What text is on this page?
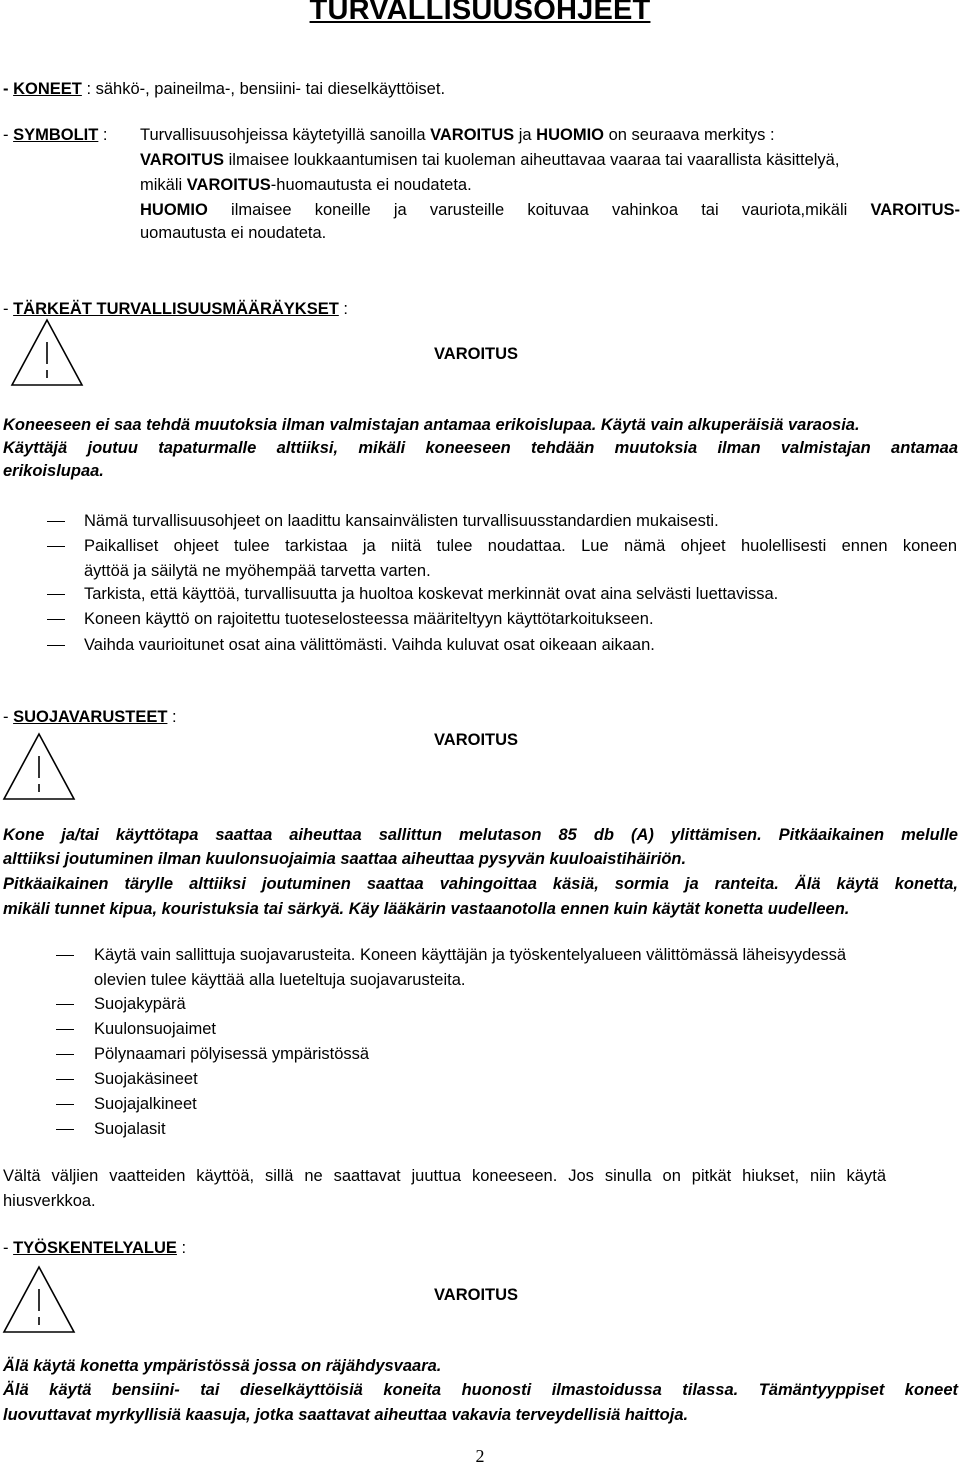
TURVALLISUUSOHJEET
- KONEET : sähkö-, paineilma-, bensiini- tai dieselkäyttöiset.
- SYMBOLIT : Turvallisuusohjeissa käytetyillä sanoilla VAROITUS ja HUOMIO on seuraava merkitys :
VAROITUS ilmaisee loukkaantumisen tai kuoleman aiheuttavaa vaaraa tai vaarallista käsittelyä,
mikäli VAROITUS-huomautusta ei noudateta.
HUOMIO ilmaisee koneille ja varusteille koituvaa vahinkoa tai vauriota,mikäli VAROITUS-
uomautusta ei noudateta.
- TÄRKEÄT TURVALLISUUSMÄÄRÄYKSET :
VAROITUS
Koneeseen ei saa tehdä muutoksia ilman valmistajan antamaa erikoislupaa. Käytä vain alkuperäisiä varaosia.
Käyttäjä joutuu tapaturmalle alttiiksi, mikäli koneeseen tehdään muutoksia ilman valmistajan antamaa
erikoislupaa.
Nämä turvallisuusohjeet on laadittu kansainvälisten turvallisuusstandardien mukaisesti.
Paikalliset ohjeet tulee tarkistaa ja niitä tulee noudattaa. Lue nämä ohjeet huolellisesti ennen koneen
äyttöä ja säilytä ne myöhempää tarvetta varten.
Tarkista, että käyttöä, turvallisuutta ja huoltoa koskevat merkinnät ovat aina selvästi luettavissa.
Koneen käyttö on rajoitettu tuoteselosteessa määriteltyyn käyttötarkoitukseen.
Vaihda vaurioitunet osat aina välittömästi. Vaihda kuluvat osat oikeaan aikaan.
- SUOJAVARUSTEET :
VAROITUS
Kone ja/tai käyttötapa saattaa aiheuttaa sallittun melutason 85 db (A) ylittämisen. Pitkäaikainen melulle
alttiiksi joutuminen ilman kuulonsuojaimia saattaa aiheuttaa pysyvän kuuloaistihäiriön.
Pitkäaikainen tärylle alttiiksi joutuminen saattaa vahingoittaa käsiä, sormia ja ranteita. Älä käytä konetta,
mikäli tunnet kipua, kouristuksia tai särkyä. Käy lääkärin vastaanotolla ennen kuin käytät konetta uudelleen.
Käytä vain sallittuja suojavarusteita. Koneen käyttäjän ja työskentelyalueen välittömässä läheisyydessä
olevien tulee käyttää alla lueteltuja suojavarusteita.
Suojakypärä
Kuulonsuojaimet
Pölynaamari pölyisessä ympäristössä
Suojakäsineet
Suojajalkineet
Suojalasit
Vältä väljien vaatteiden käyttöä, sillä ne saattavat juuttua koneeseen. Jos sinulla on pitkät hiukset, niin käytä
hiusverkkoa.
- TYÖSKENTELYALUE :
VAROITUS
Älä käytä konetta ympäristössä jossa on räjähdysvaara.
Älä käytä bensiini- tai dieselkäyttöisiä koneita huonosti ilmastoidussa tilassa. Tämäntyyppiset koneet
luovuttavat myrkyllisiä kaasuja, jotka saattavat aiheuttaa vakavia terveydellisiä haittoja.
2
